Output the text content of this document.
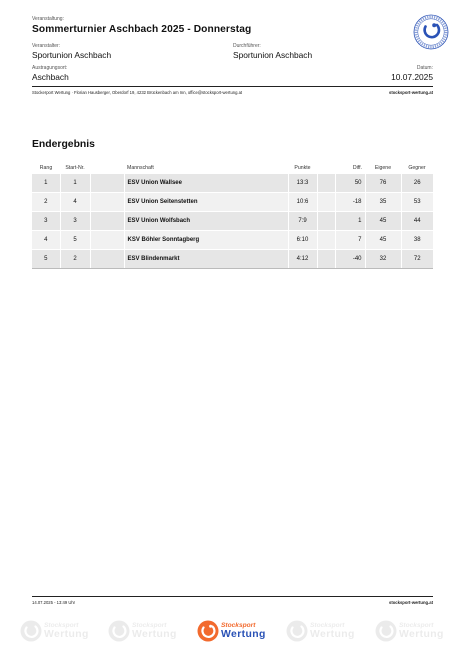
Veranstaltung:
Sommerturnier Aschbach 2025 - Donnerstag
Veranstalter:
Sportunion Aschbach
Durchführer:
Sportunion Aschbach
Austragungsort:
Aschbach
Datum:
10.07.2025
Stockerport Wertung · Florian Hausberger, Oberdorf 19, 4232 Brückenbach am Inn, office@stocksport-wertung.at	stocksport-wertung.at
Endergebnis
Rang	Start-Nr.		Mannschaft	Punkte		Diff.	Eigene	Gegner
1	1		ESV Union Wallsee	13:3		50	76	26
2	4		ESV Union Seitenstetten	10:6		-18	35	53
3	3		ESV Union Wolfsbach	7:9		1	45	44
4	5		KSV Böhler Sonntagberg	6:10		7	45	38
5	2		ESV Blindenmarkt	4:12		-40	32	72
14.07.2025 - 13:49 Uhr	stocksport-wertung.at
Stocksport
Wertung
Stocksport
Wertung
Stocksport
Wertung
Stocksport
Wertung
Stocksport
Wertung
